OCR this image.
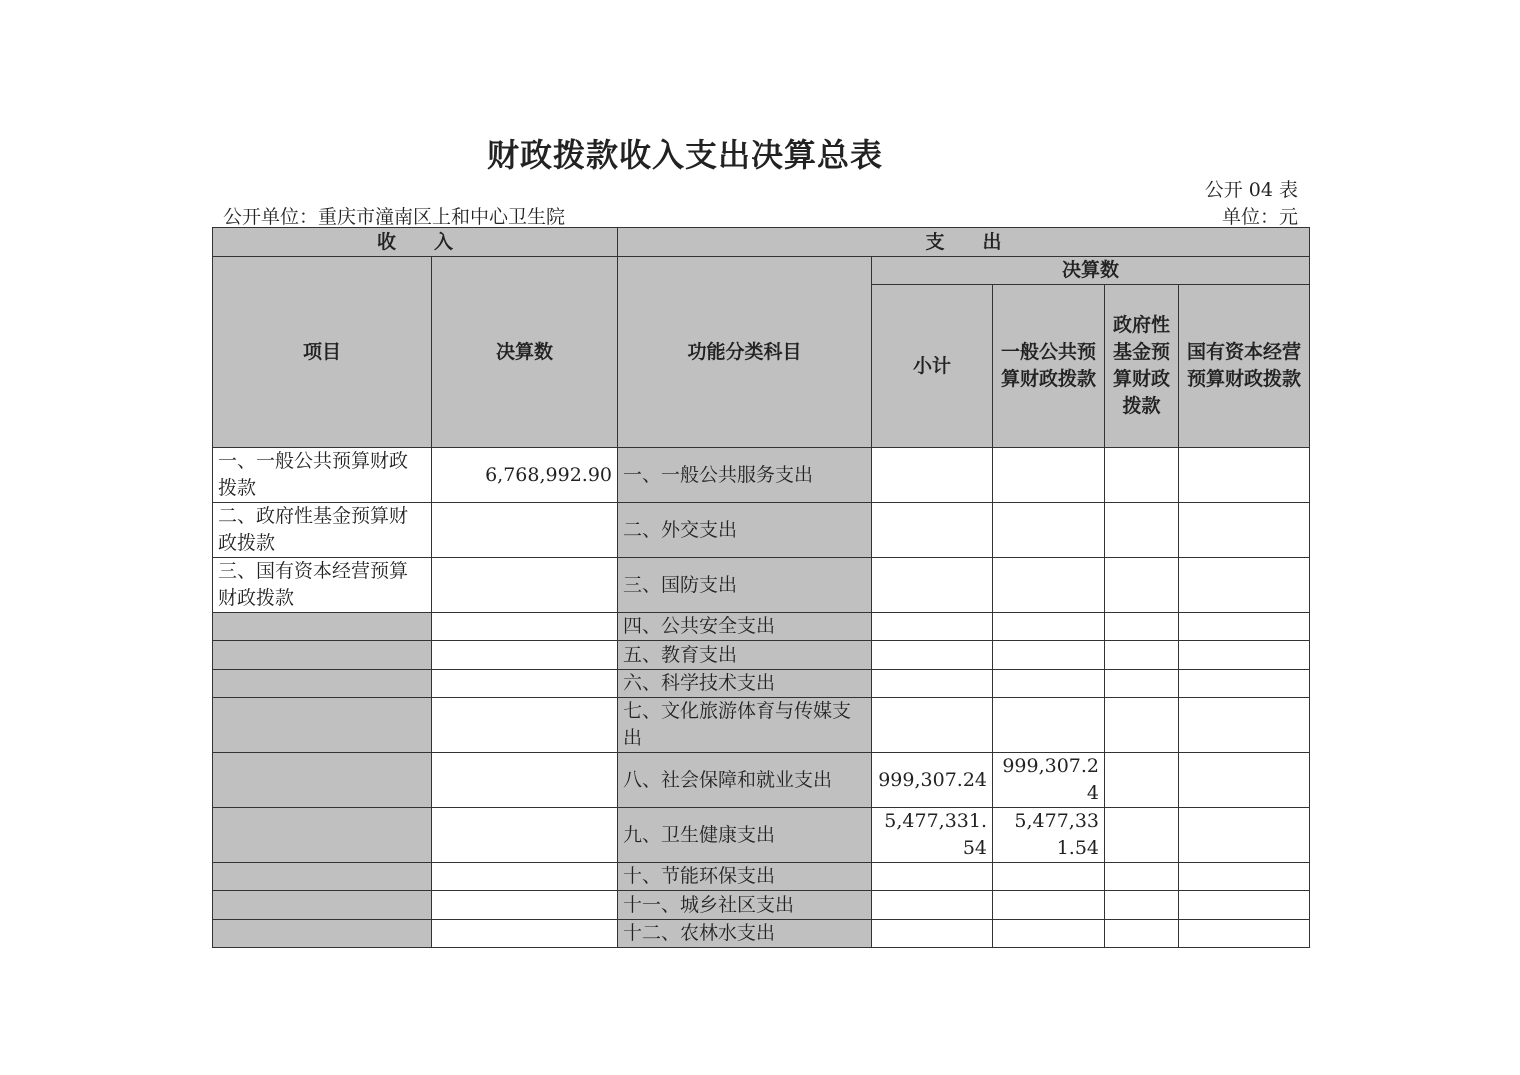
财政拨款收入支出决算总表
公开 04 表
公开单位：重庆市潼南区上和中心卫生院	单位：元
收　　入		支　　出				
项目	决算数	功能分类科目	决算数			
			小计	一般公共预算财政拨款	政府性基金预算财政拨款	国有资本经营预算财政拨款
一、一般公共预算财政拨款	6,768,992.90	一、一般公共服务支出				
二、政府性基金预算财政拨款		二、外交支出				
三、国有资本经营预算财政拨款		三、国防支出				
		四、公共安全支出				
		五、教育支出				
		六、科学技术支出				
		七、文化旅游体育与传媒支出				
		八、社会保障和就业支出	999,307.24	999,307.24		
		九、卫生健康支出	5,477,331.54	5,477,331.54		
		十、节能环保支出				
		十一、城乡社区支出				
		十二、农林水支出				
